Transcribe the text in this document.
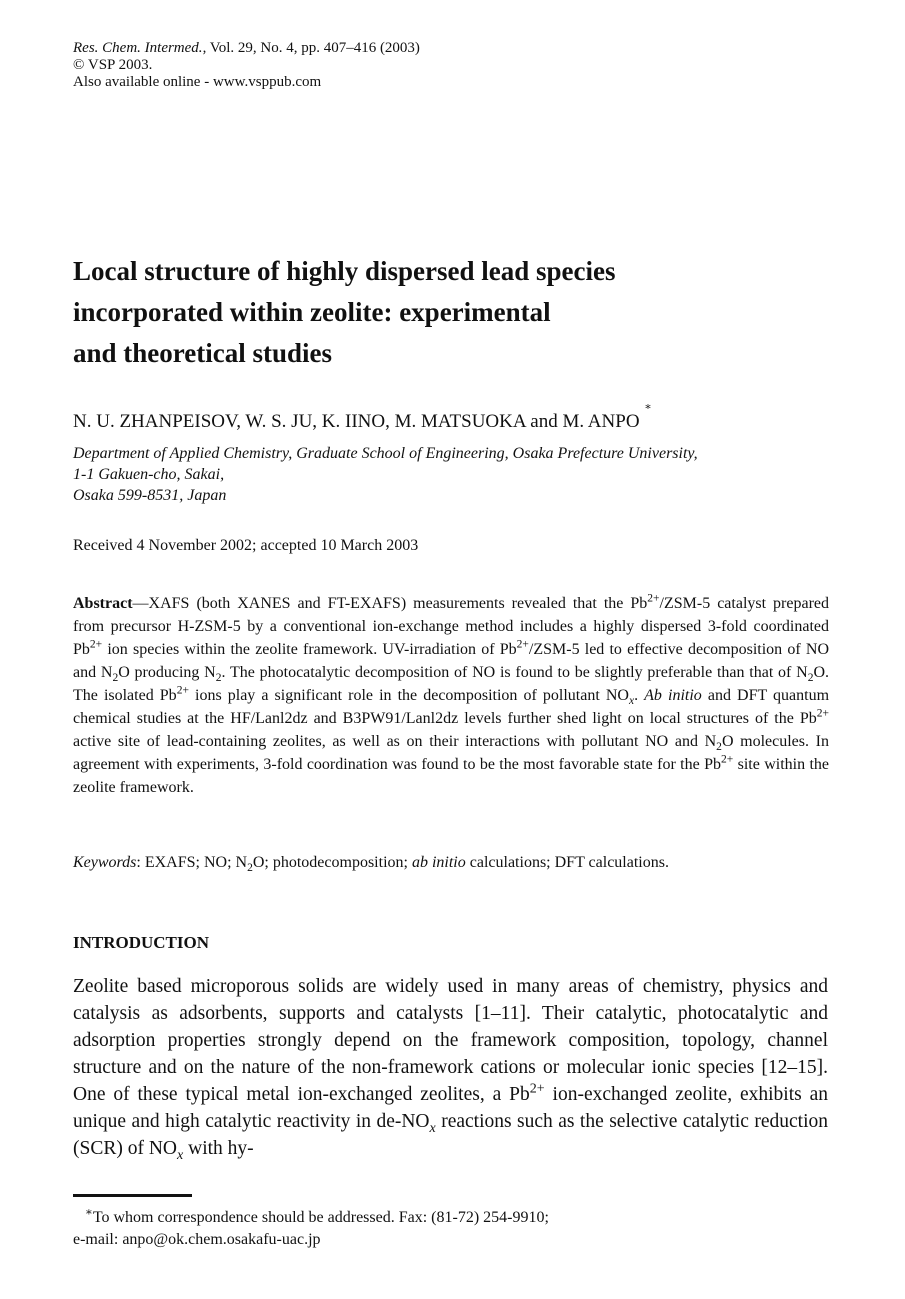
Res. Chem. Intermed., Vol. 29, No. 4, pp. 407–416 (2003)
© VSP 2003.
Also available online - www.vsppub.com
Local structure of highly dispersed lead species
incorporated within zeolite: experimental
and theoretical studies
N. U. ZHANPEISOV, W. S. JU, K. IINO, M. MATSUOKA and M. ANPO ∗
Department of Applied Chemistry, Graduate School of Engineering, Osaka Prefecture University,
1-1 Gakuen-cho, Sakai,
Osaka 599-8531, Japan
Received 4 November 2002; accepted 10 March 2003
Abstract—XAFS (both XANES and FT-EXAFS) measurements revealed that the $Pb^{2+}/ZSM-5$ catalyst prepared from precursor H-ZSM-5 by a conventional ion-exchange method includes a highly dispersed 3-fold coordinated $Pb^{2+}$ ion species within the zeolite framework. UV-irradiation of $Pb^{2+}/ZSM-5$ led to effective decomposition of NO and $N_2O$ producing $N_2$. The photocatalytic decomposition of NO is found to be slightly preferable than that of $N_2O$. The isolated $Pb^{2+}$ ions play a significant role in the decomposition of pollutant $NO_x$. Ab initio and DFT quantum chemical studies at the HF/Lanl2dz and B3PW91/Lanl2dz levels further shed light on local structures of the $Pb^{2+}$ active site of lead-containing zeolites, as well as on their interactions with pollutant NO and $N_2O$ molecules. In agreement with experiments, 3-fold coordination was found to be the most favorable state for the $Pb^{2+}$ site within the zeolite framework.
Keywords: EXAFS; NO; $N_2O$; photodecomposition; ab initio calculations; DFT calculations.
INTRODUCTION
Zeolite based microporous solids are widely used in many areas of chemistry, physics and catalysis as adsorbents, supports and catalysts [1–11]. Their catalytic, photocatalytic and adsorption properties strongly depend on the framework composition, topology, channel structure and on the nature of the non-framework cations or molecular ionic species [12–15]. One of these typical metal ion-exchanged zeolites, a $Pb^{2+}$ ion-exchanged zeolite, exhibits an unique and high catalytic reactivity in $de-NO_x$ reactions such as the selective catalytic reduction (SCR) of $NO_x$ with hy-
∗To whom correspondence should be addressed. Fax: (81-72) 254-9910;
e-mail: anpo@ok.chem.osakafu-uac.jp
